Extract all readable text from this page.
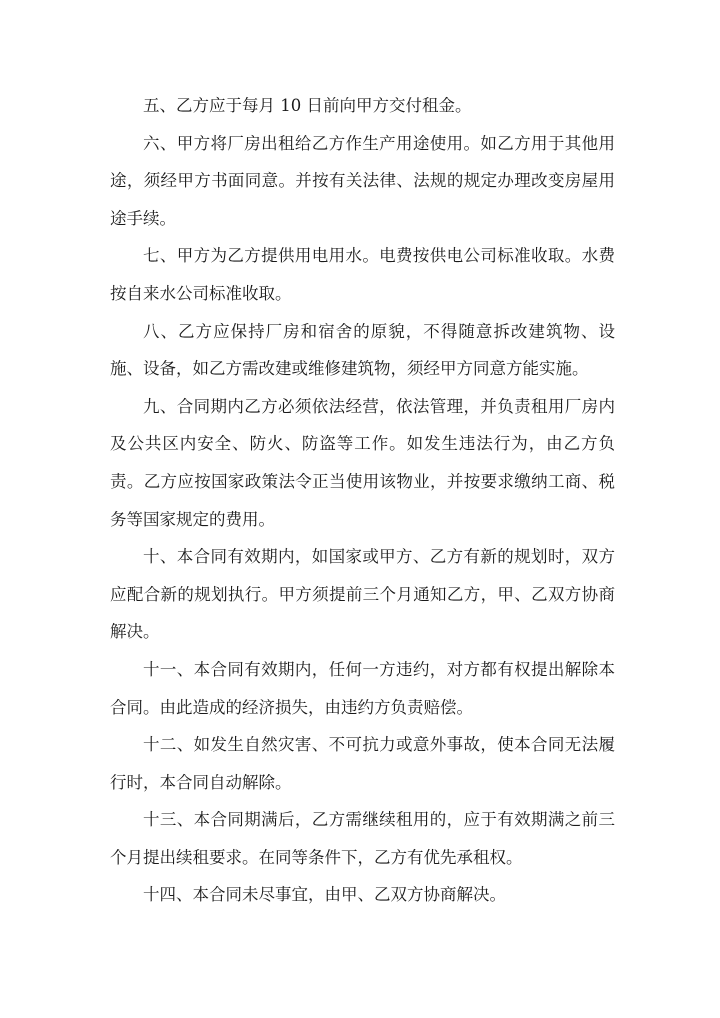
五、乙方应于每月 10 日前向甲方交付租金。

六、甲方将厂房出租给乙方作生产用途使用。如乙方用于其他用途，须经甲方书面同意。并按有关法律、法规的规定办理改变房屋用途手续。

七、甲方为乙方提供用电用水。电费按供电公司标准收取。水费按自来水公司标准收取。

八、乙方应保持厂房和宿舍的原貌，不得随意拆改建筑物、设施、设备，如乙方需改建或维修建筑物，须经甲方同意方能实施。

九、合同期内乙方必须依法经营，依法管理，并负责租用厂房内及公共区内安全、防火、防盗等工作。如发生违法行为，由乙方负责。乙方应按国家政策法令正当使用该物业，并按要求缴纳工商、税务等国家规定的费用。

十、本合同有效期内，如国家或甲方、乙方有新的规划时，双方应配合新的规划执行。甲方须提前三个月通知乙方，甲、乙双方协商解决。

十一、本合同有效期内，任何一方违约，对方都有权提出解除本合同。由此造成的经济损失，由违约方负责赔偿。

十二、如发生自然灾害、不可抗力或意外事故，使本合同无法履行时，本合同自动解除。

十三、本合同期满后，乙方需继续租用的，应于有效期满之前三个月提出续租要求。在同等条件下，乙方有优先承租权。

十四、本合同未尽事宜，由甲、乙双方协商解决。
